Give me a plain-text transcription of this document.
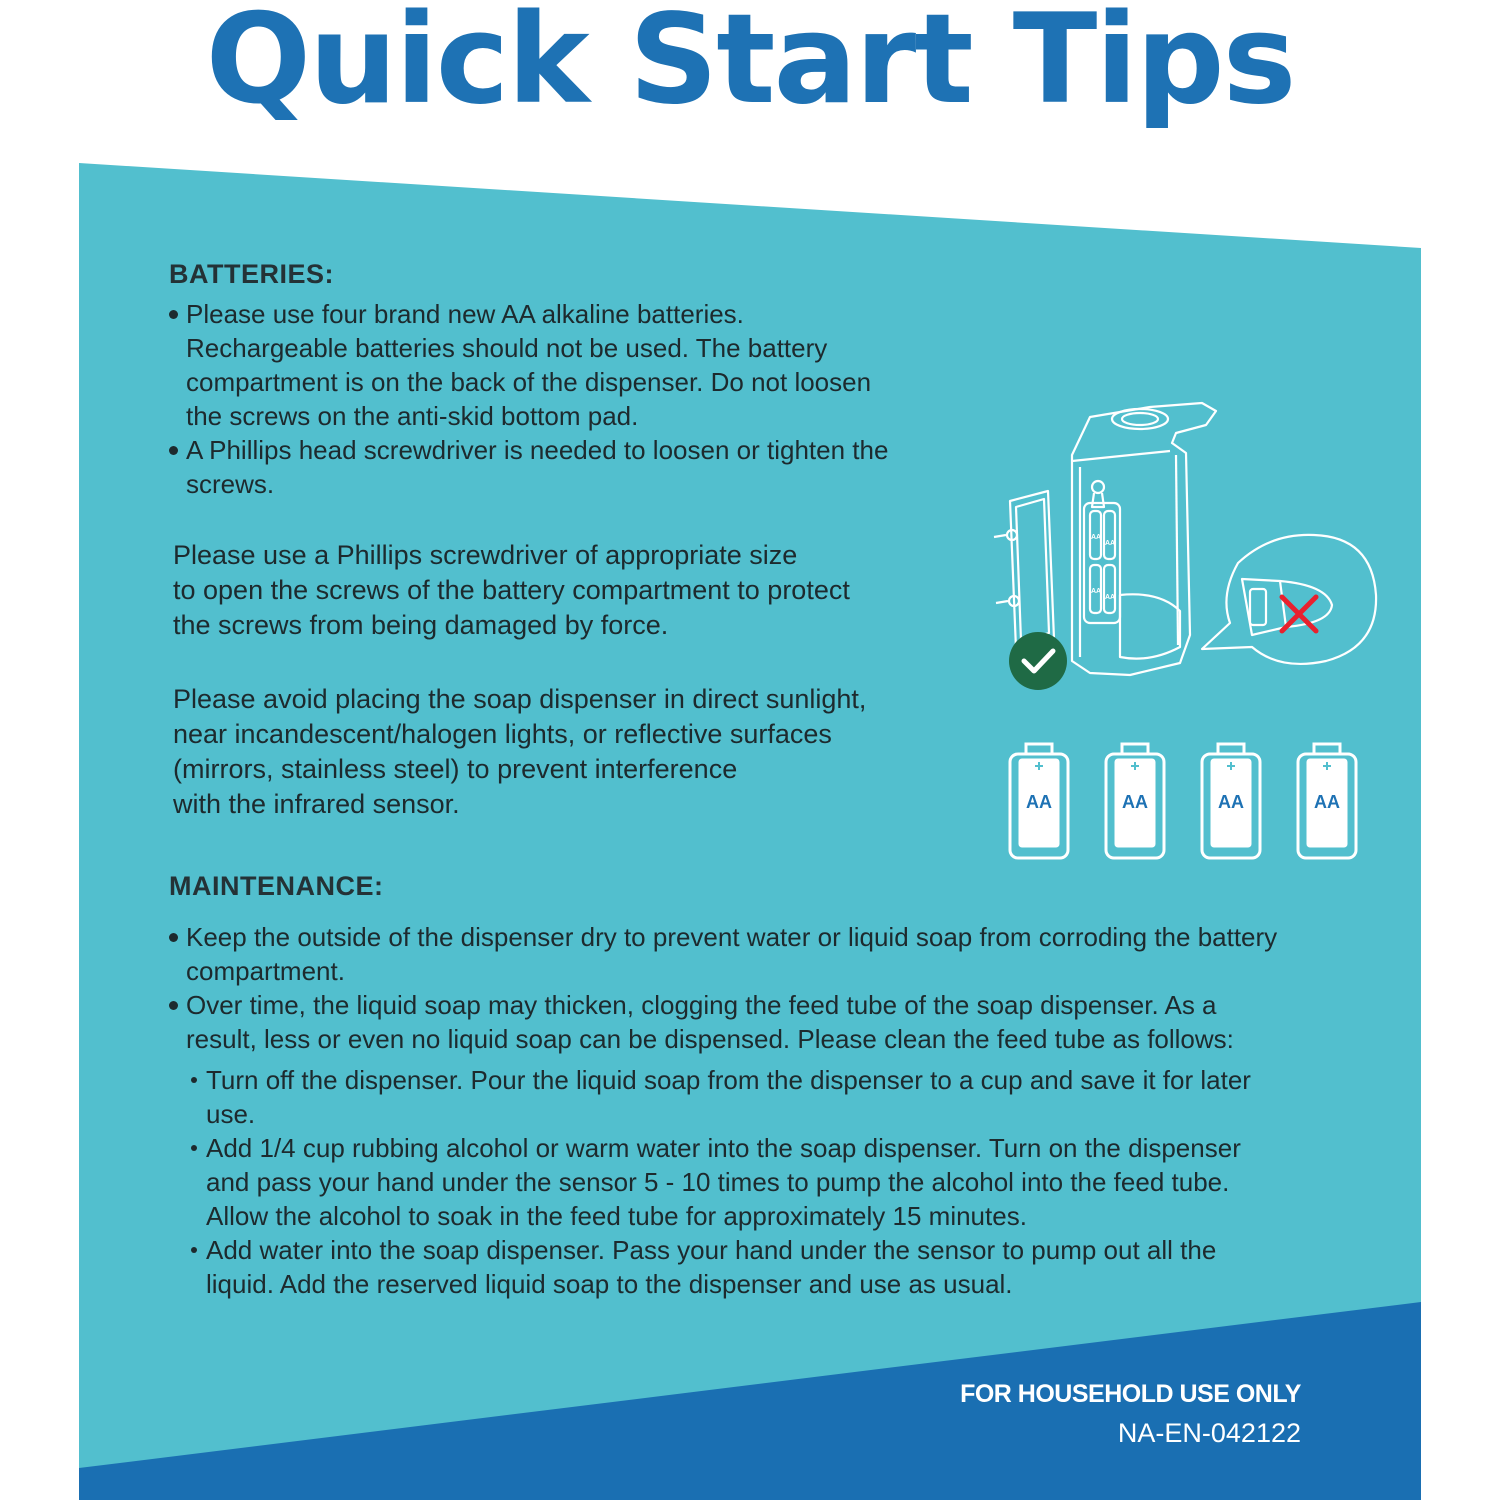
Quick Start Tips
BATTERIES:
Please use four brand new AA alkaline batteries.
Rechargeable batteries should not be used. The battery
compartment is on the back of the dispenser. Do not loosen
the screws on the anti-skid bottom pad.
A Phillips head screwdriver is needed to loosen or tighten the
screws.
Please use a Phillips screwdriver of appropriate size
to open the screws of the battery compartment to protect
the screws from being damaged by force.
Please avoid placing the soap dispenser in direct sunlight,
near incandescent/halogen lights, or reflective surfaces
(mirrors, stainless steel) to prevent interference
with the infrared sensor.
AA
AA
AA
AA
AA	AA	AA	AA
MAINTENANCE:
Keep the outside of the dispenser dry to prevent water or liquid soap from corroding the battery
compartment.
Over time, the liquid soap may thicken, clogging the feed tube of the soap dispenser. As a
result, less or even no liquid soap can be dispensed. Please clean the feed tube as follows:
Turn off the dispenser. Pour the liquid soap from the dispenser to a cup and save it for later
use.
Add 1/4 cup rubbing alcohol or warm water into the soap dispenser. Turn on the dispenser
and pass your hand under the sensor 5 - 10 times to pump the alcohol into the feed tube.
Allow the alcohol to soak in the feed tube for approximately 15 minutes.
Add water into the soap dispenser. Pass your hand under the sensor to pump out all the
liquid. Add the reserved liquid soap to the dispenser and use as usual.
FOR HOUSEHOLD USE ONLY
NA-EN-042122
